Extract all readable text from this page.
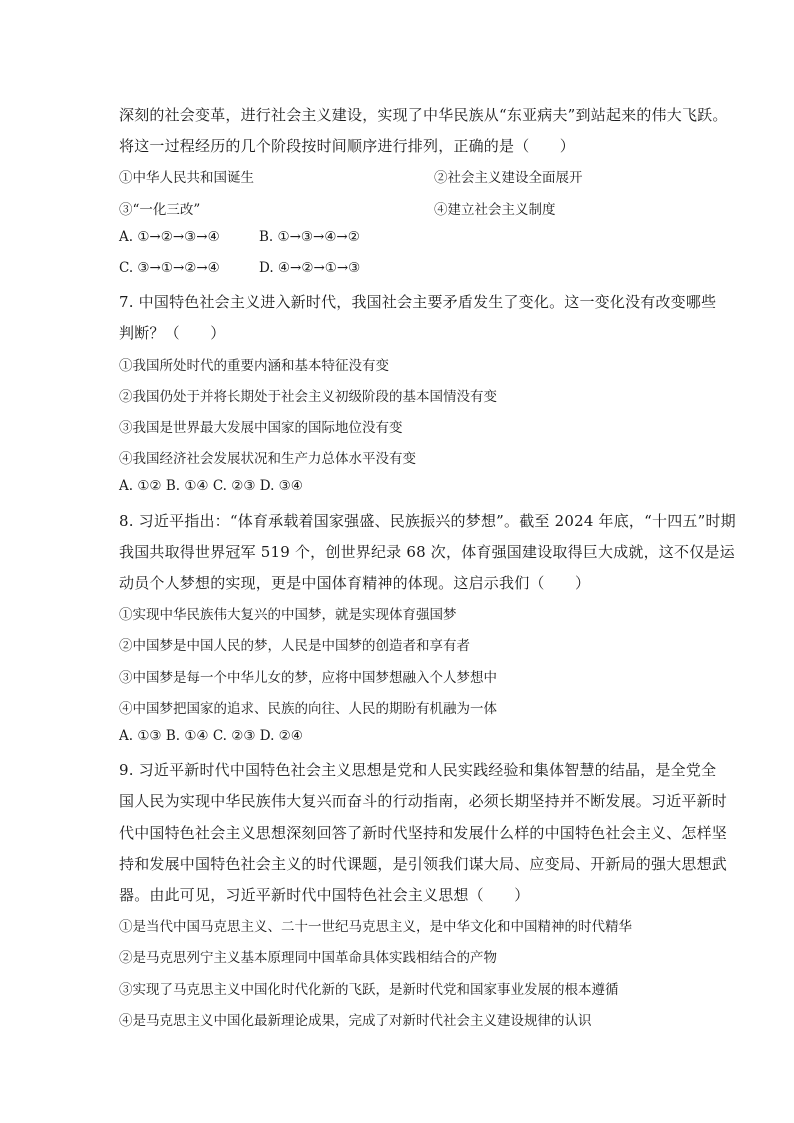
深刻的社会变革，进行社会主义建设，实现了中华民族从“东亚病夫”到站起来的伟大飞跃。
将这一过程经历的几个阶段按时间顺序进行排列，正确的是（　　）
①中华人民共和国诞生	②社会主义建设全面展开
③“一化三改”	④建立社会主义制度
A. ①→②→③→④	B. ①→③→④→②
C. ③→①→②→④	D. ④→②→①→③
7. 中国特色社会主义进入新时代，我国社会主要矛盾发生了变化。这一变化没有改变哪些
判断？（　　）
①我国所处时代的重要内涵和基本特征没有变
②我国仍处于并将长期处于社会主义初级阶段的基本国情没有变
③我国是世界最大发展中国家的国际地位没有变
④我国经济社会发展状况和生产力总体水平没有变
A. ①② B. ①④ C. ②③ D. ③④
8. 习近平指出：“体育承载着国家强盛、民族振兴的梦想”。截至 2024 年底，“十四五”时期
我国共取得世界冠军 519 个，创世界纪录 68 次，体育强国建设取得巨大成就，这不仅是运
动员个人梦想的实现，更是中国体育精神的体现。这启示我们（　　）
①实现中华民族伟大复兴的中国梦，就是实现体育强国梦
②中国梦是中国人民的梦，人民是中国梦的创造者和享有者
③中国梦是每一个中华儿女的梦，应将中国梦想融入个人梦想中
④中国梦把国家的追求、民族的向往、人民的期盼有机融为一体
A. ①③ B. ①④ C. ②③ D. ②④
9. 习近平新时代中国特色社会主义思想是党和人民实践经验和集体智慧的结晶，是全党全
国人民为实现中华民族伟大复兴而奋斗的行动指南，必须长期坚持并不断发展。习近平新时
代中国特色社会主义思想深刻回答了新时代坚持和发展什么样的中国特色社会主义、怎样坚
持和发展中国特色社会主义的时代课题，是引领我们谋大局、应变局、开新局的强大思想武
器。由此可见，习近平新时代中国特色社会主义思想（　　）
①是当代中国马克思主义、二十一世纪马克思主义，是中华文化和中国精神的时代精华
②是马克思列宁主义基本原理同中国革命具体实践相结合的产物
③实现了马克思主义中国化时代化新的飞跃，是新时代党和国家事业发展的根本遵循
④是马克思主义中国化最新理论成果，完成了对新时代社会主义建设规律的认识
